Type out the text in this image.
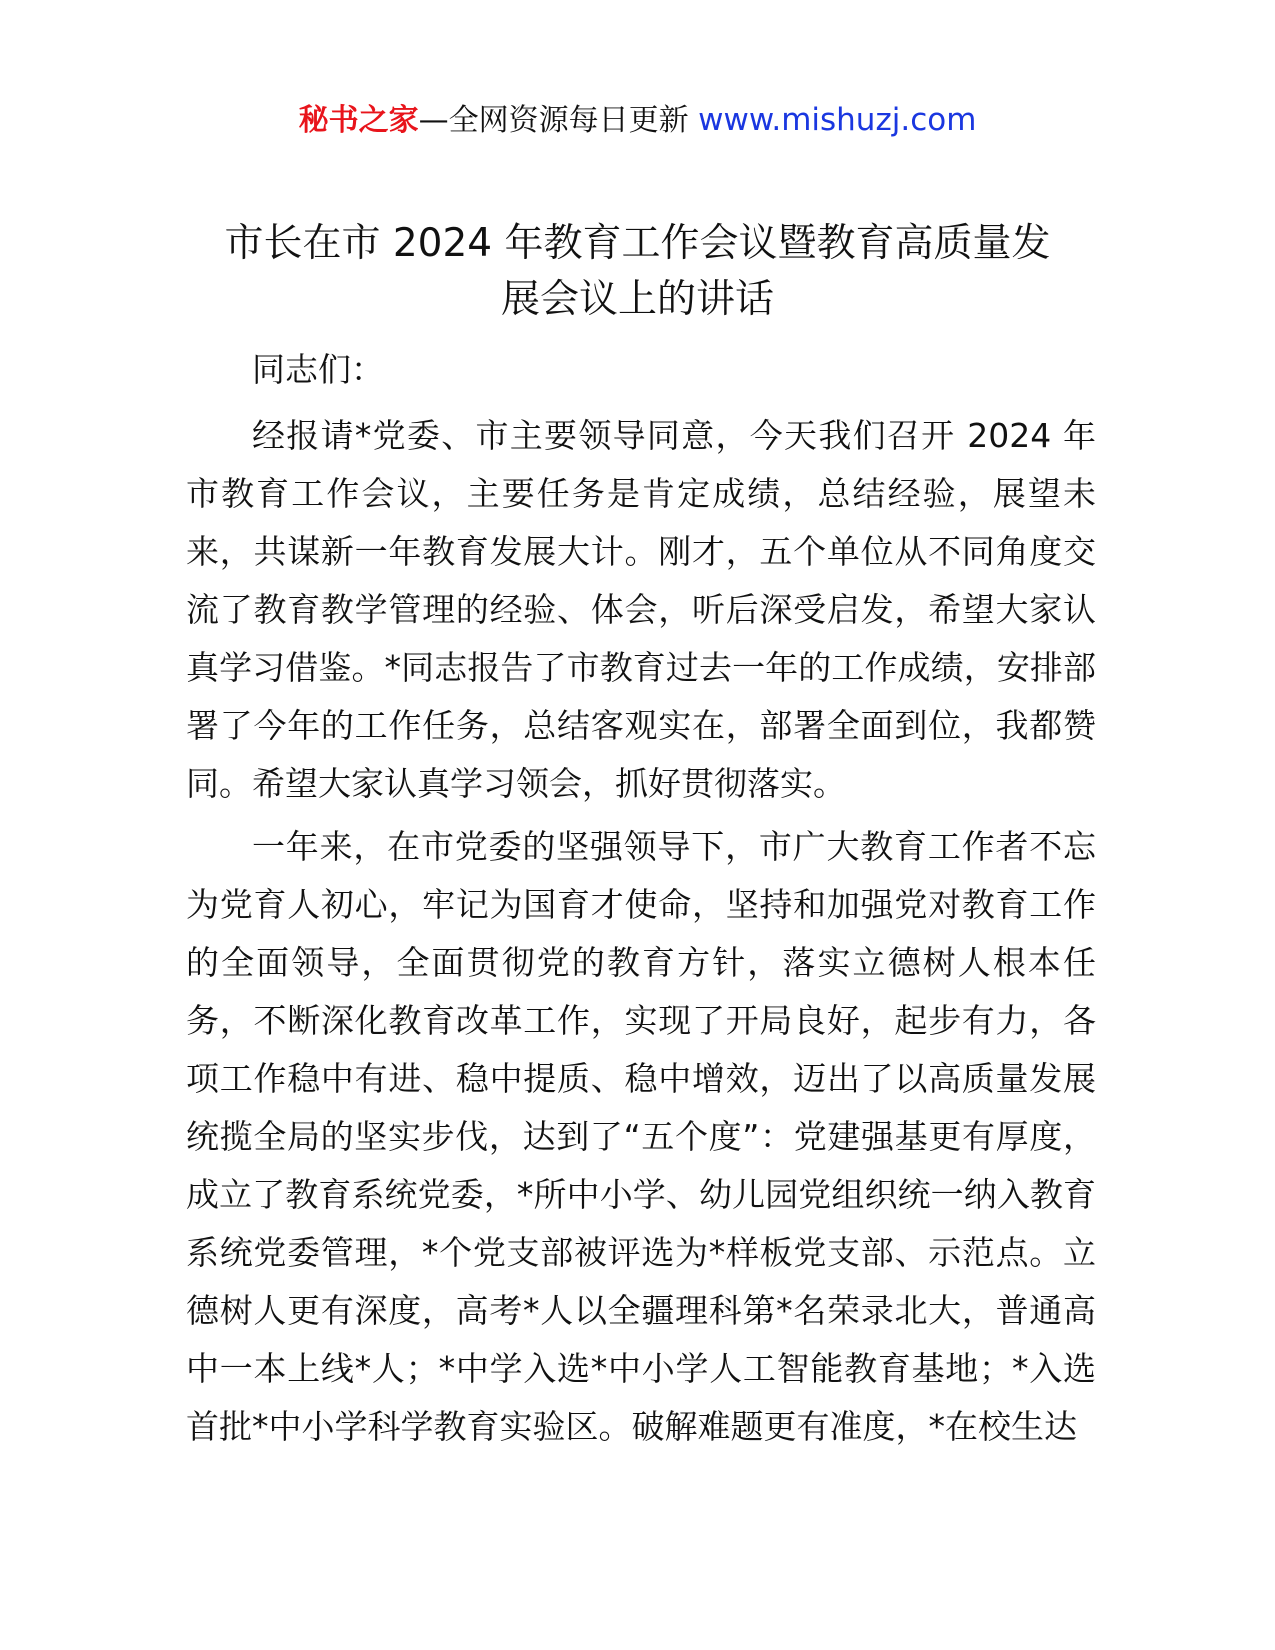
秘书之家—全网资源每日更新 www.mishuzj.com
市长在市 2024 年教育工作会议暨教育高质量发
展会议上的讲话

同志们：

经报请*党委、市主要领导同意，今天我们召开 2024 年市教育工作会议，主要任务是肯定成绩，总结经验，展望未来，共谋新一年教育发展大计。刚才，五个单位从不同角度交流了教育教学管理的经验、体会，听后深受启发，希望大家认真学习借鉴。*同志报告了市教育过去一年的工作成绩，安排部署了今年的工作任务，总结客观实在，部署全面到位，我都赞同。希望大家认真学习领会，抓好贯彻落实。

一年来，在市党委的坚强领导下，市广大教育工作者不忘为党育人初心，牢记为国育才使命，坚持和加强党对教育工作的全面领导，全面贯彻党的教育方针，落实立德树人根本任务，不断深化教育改革工作，实现了开局良好，起步有力，各项工作稳中有进、稳中提质、稳中增效，迈出了以高质量发展统揽全局的坚实步伐，达到了“五个度”：党建强基更有厚度，成立了教育系统党委，*所中小学、幼儿园党组织统一纳入教育系统党委管理，*个党支部被评选为*样板党支部、示范点。立德树人更有深度，高考*人以全疆理科第*名荣录北大，普通高中一本上线*人；*中学入选*中小学人工智能教育基地；*入选首批*中小学科学教育实验区。破解难题更有准度，*在校生达
